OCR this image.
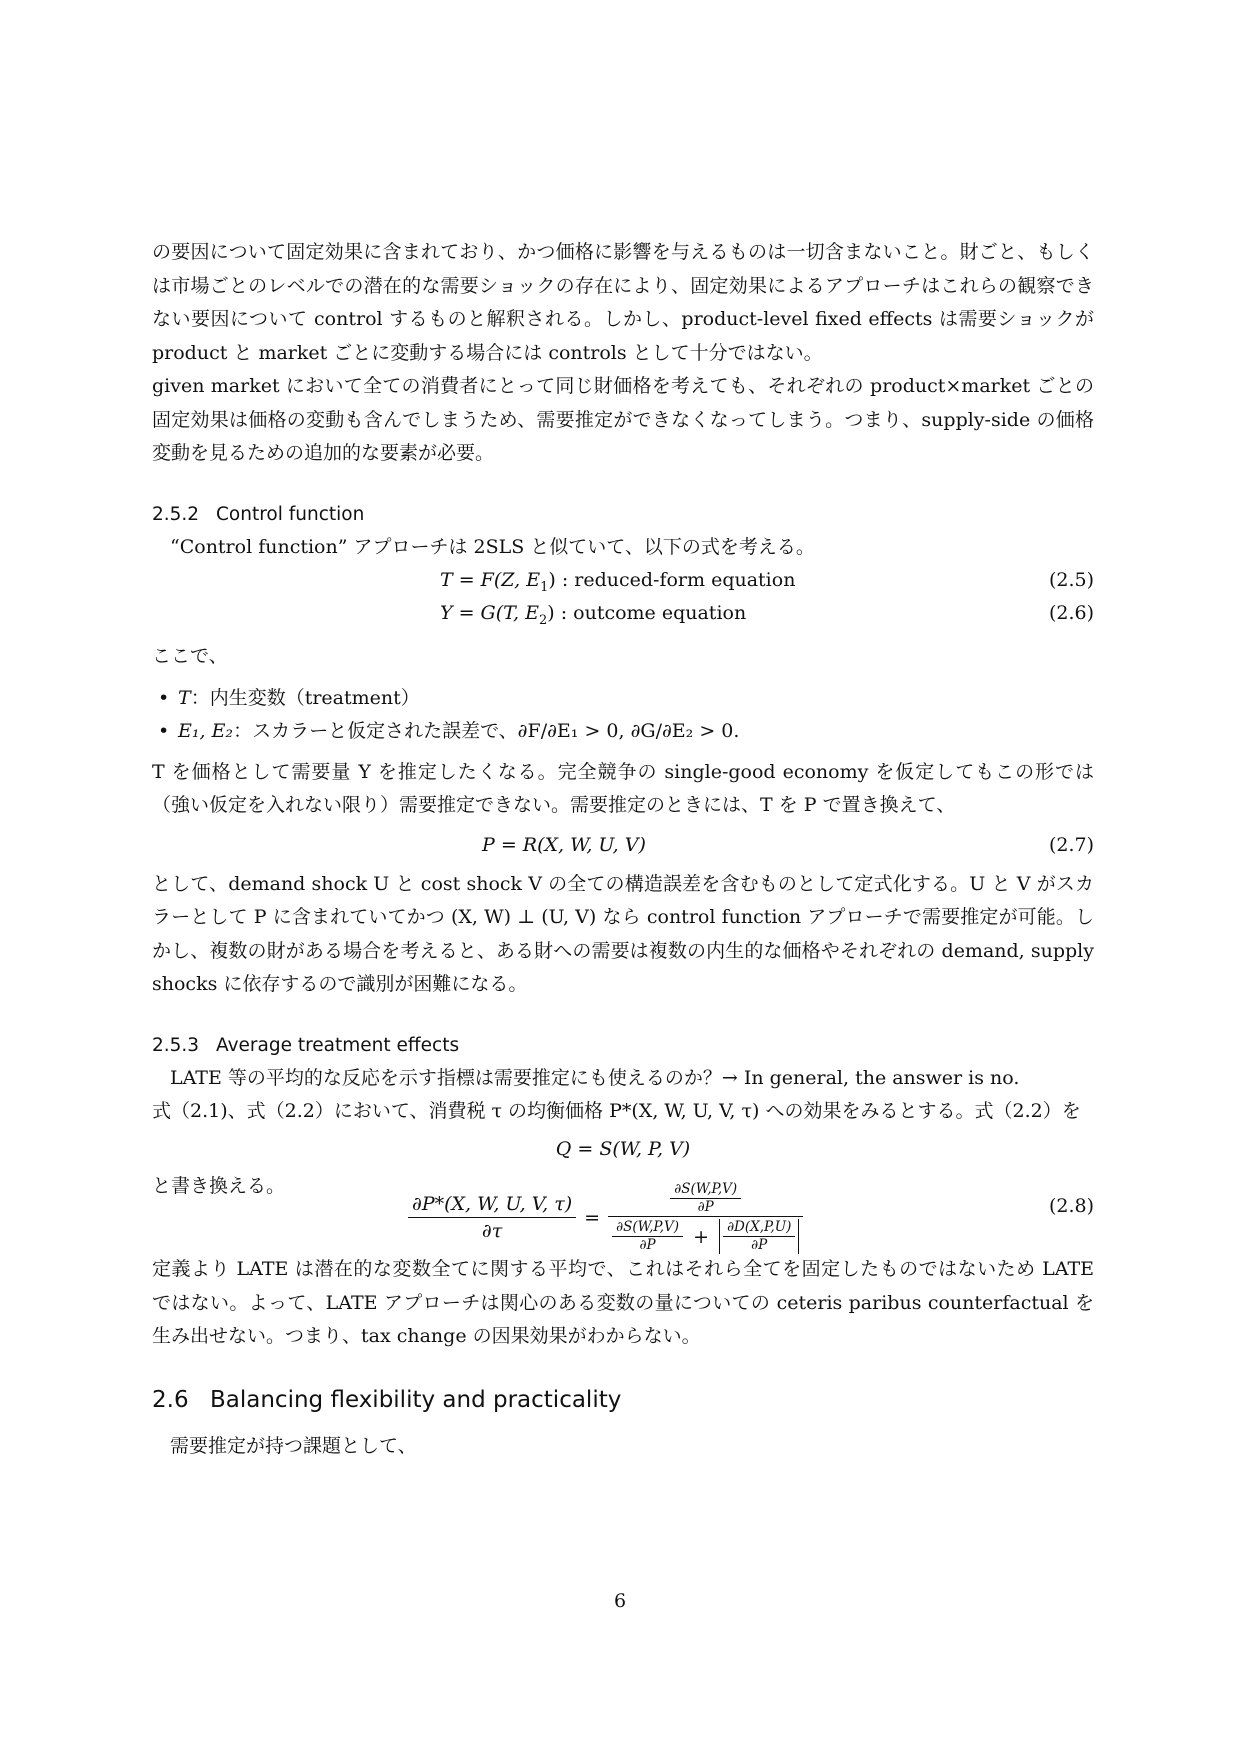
の要因について固定効果に含まれており、かつ価格に影響を与えるものは一切含まないこと。財ごと、もしくは市場ごとのレベルでの潜在的な需要ショックの存在により、固定効果によるアプローチはこれらの観察できない要因について control するものと解釈される。しかし、product-level fixed effects は需要ショックが product と market ごとに変動する場合には controls として十分ではない。

given market において全ての消費者にとって同じ財価格を考えても、それぞれの product×market ごとの固定効果は価格の変動も含んでしまうため、需要推定ができなくなってしまう。つまり、supply-side の価格変動を見るための追加的な要素が必要。

2.5.2 Control function

“Control function” アプローチは 2SLS と似ていて、以下の式を考える。

T = F(Z, $E_1$) : reduced-form equation	(2.5)
Y = G(T, $E_2$) : outcome equation	(2.6)

ここで、

• T：内生変数（treatment）
• E₁, E₂：スカラーと仮定された誤差で、∂F/∂E₁ > 0, ∂G/∂E₂ > 0.

T を価格として需要量 Y を推定したくなる。完全競争の single-good economy を仮定してもこの形では（強い仮定を入れない限り）需要推定できない。需要推定のときには、T を P で置き換えて、

P = R(X, W, U, V)	(2.7)

として、demand shock U と cost shock V の全ての構造誤差を含むものとして定式化する。U と V がスカラーとして P に含まれていてかつ (X, W) ⊥ (U, V) なら control function アプローチで需要推定が可能。しかし、複数の財がある場合を考えると、ある財への需要は複数の内生的な価格やそれぞれの demand, supply shocks に依存するので識別が困難になる。

2.5.3 Average treatment effects

LATE 等の平均的な反応を示す指標は需要推定にも使えるのか？→ In general, the answer is no.

式（2.1)、式（2.2）において、消費税 τ の均衡価格 P*(X, W, U, V, τ) への効果をみるとする。式（2.2）を

Q = S(W, P, V)

と書き換える。

$\frac{\partial P*(X, W, U, V, \tau)}{\partial\tau}$ =
$\frac{\partial S(W,P,V)}{\partial P}$
$\frac{\partial S(W,P,V)}{\partial P} + \frac{\partial D(X,P,U)}{\partial P}$
(2.8)

定義より LATE は潜在的な変数全てに関する平均で、これはそれら全てを固定したものではないため LATE ではない。よって、LATE アプローチは関心のある変数の量についての ceteris paribus counterfactual を生み出せない。つまり、tax change の因果効果がわからない。

2.6 Balancing flexibility and practicality

需要推定が持つ課題として、

6
